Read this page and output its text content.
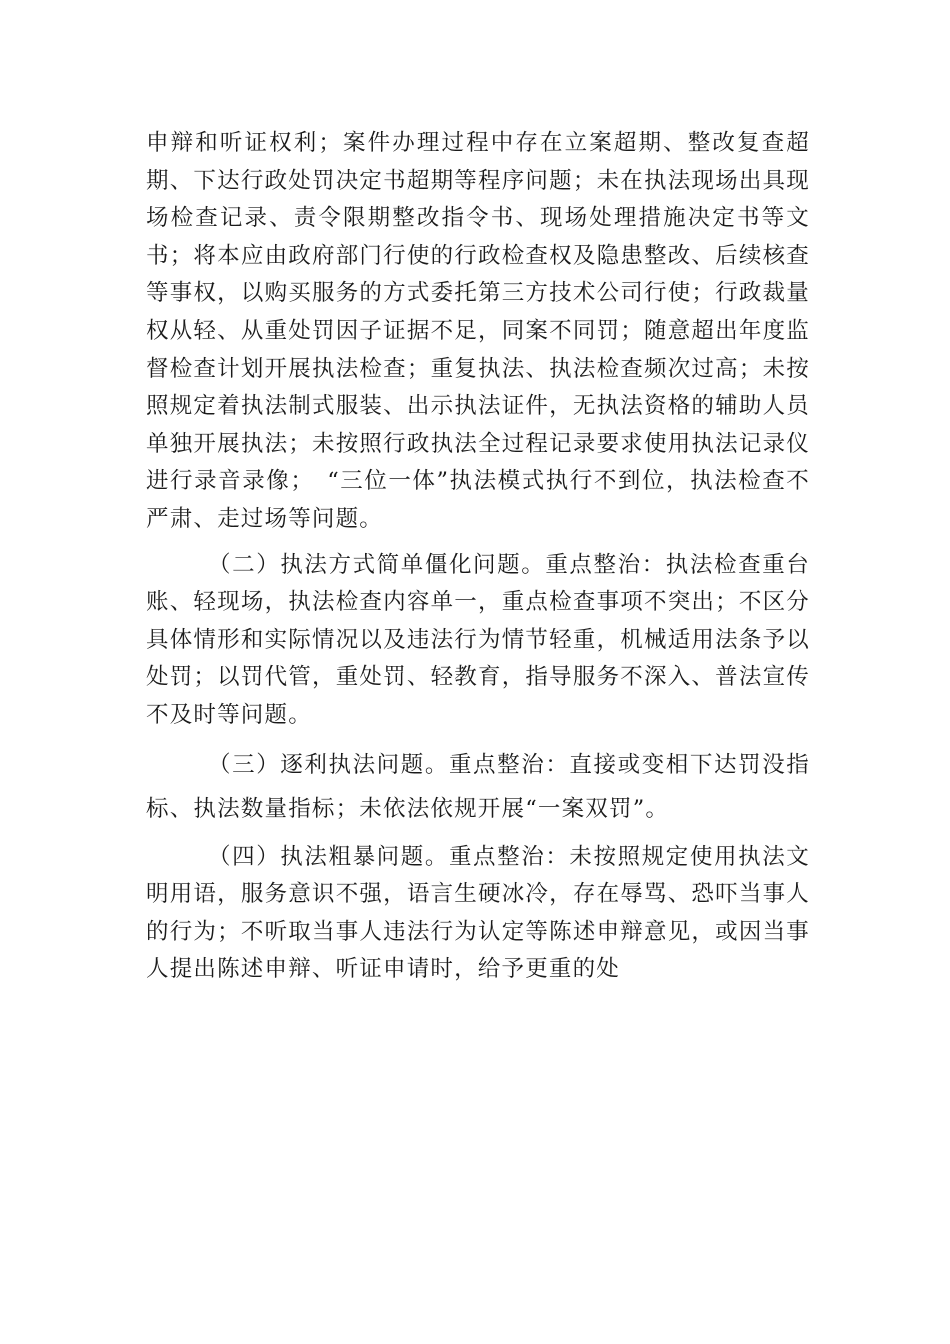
申辩和听证权利；案件办理过程中存在立案超期、整改复查超期、下达行政处罚决定书超期等程序问题；未在执法现场出具现场检查记录、责令限期整改指令书、现场处理措施决定书等文书；将本应由政府部门行使的行政检查权及隐患整改、后续核查等事权，以购买服务的方式委托第三方技术公司行使；行政裁量权从轻、从重处罚因子证据不足，同案不同罚；随意超出年度监督检查计划开展执法检查；重复执法、执法检查频次过高；未按照规定着执法制式服装、出示执法证件，无执法资格的辅助人员单独开展执法；未按照行政执法全过程记录要求使用执法记录仪进行录音录像；　“三位一体”执法模式执行不到位，执法检查不严肃、走过场等问题。

（二）执法方式简单僵化问题。重点整治：执法检查重台账、轻现场，执法检查内容单一，重点检查事项不突出；不区分具体情形和实际情况以及违法行为情节轻重，机械适用法条予以处罚；以罚代管，重处罚、轻教育，指导服务不深入、普法宣传不及时等问题。

（三）逐利执法问题。重点整治：直接或变相下达罚没指标、执法数量指标；未依法依规开展“一案双罚”。

（四）执法粗暴问题。重点整治：未按照规定使用执法文明用语，服务意识不强，语言生硬冰冷，存在辱骂、恐吓当事人的行为；不听取当事人违法行为认定等陈述申辩意见，或因当事人提出陈述申辩、听证申请时，给予更重的处
